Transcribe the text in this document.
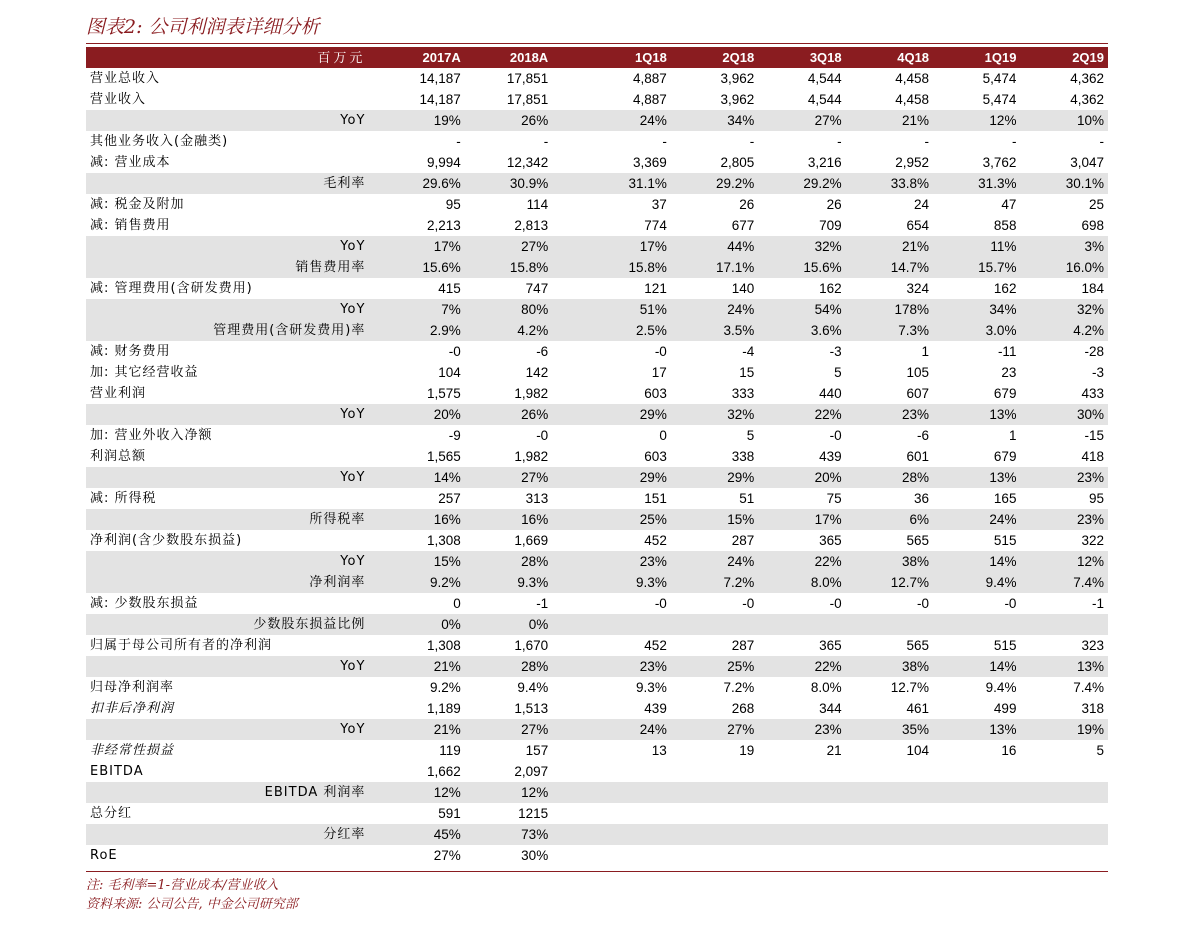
图表2: 公司利润表详细分析
百万元	2017A	2018A		1Q18	2Q18	3Q18	4Q18	1Q19	2Q19
营业总收入	14,187	17,851		4,887	3,962	4,544	4,458	5,474	4,362
营业收入	14,187	17,851		4,887	3,962	4,544	4,458	5,474	4,362
YoY	19%	26%		24%	34%	27%	21%	12%	10%
其他业务收入(金融类)	-	-		-	-	-	-	-	-
减: 营业成本	9,994	12,342		3,369	2,805	3,216	2,952	3,762	3,047
毛利率	29.6%	30.9%		31.1%	29.2%	29.2%	33.8%	31.3%	30.1%
减: 税金及附加	95	114		37	26	26	24	47	25
减: 销售费用	2,213	2,813		774	677	709	654	858	698
YoY	17%	27%		17%	44%	32%	21%	11%	3%
销售费用率	15.6%	15.8%		15.8%	17.1%	15.6%	14.7%	15.7%	16.0%
减: 管理费用(含研发费用)	415	747		121	140	162	324	162	184
YoY	7%	80%		51%	24%	54%	178%	34%	32%
管理费用(含研发费用)率	2.9%	4.2%		2.5%	3.5%	3.6%	7.3%	3.0%	4.2%
减: 财务费用	-0	-6		-0	-4	-3	1	-11	-28
加: 其它经营收益	104	142		17	15	5	105	23	-3
营业利润	1,575	1,982		603	333	440	607	679	433
YoY	20%	26%		29%	32%	22%	23%	13%	30%
加: 营业外收入净额	-9	-0		0	5	-0	-6	1	-15
利润总额	1,565	1,982		603	338	439	601	679	418
YoY	14%	27%		29%	29%	20%	28%	13%	23%
减: 所得税	257	313		151	51	75	36	165	95
所得税率	16%	16%		25%	15%	17%	6%	24%	23%
净利润(含少数股东损益)	1,308	1,669		452	287	365	565	515	322
YoY	15%	28%		23%	24%	22%	38%	14%	12%
净利润率	9.2%	9.3%		9.3%	7.2%	8.0%	12.7%	9.4%	7.4%
减: 少数股东损益	0	-1		-0	-0	-0	-0	-0	-1
少数股东损益比例	0%	0%							
归属于母公司所有者的净利润	1,308	1,670		452	287	365	565	515	323
YoY	21%	28%		23%	25%	22%	38%	14%	13%
归母净利润率	9.2%	9.4%		9.3%	7.2%	8.0%	12.7%	9.4%	7.4%
扣非后净利润	1,189	1,513		439	268	344	461	499	318
YoY	21%	27%		24%	27%	23%	35%	13%	19%
非经常性损益	119	157		13	19	21	104	16	5
EBITDA	1,662	2,097							
EBITDA 利润率	12%	12%							
总分红	591	1215							
分红率	45%	73%							
RoE	27%	30%							
注: 毛利率=1-营业成本/营业收入
资料来源: 公司公告, 中金公司研究部
